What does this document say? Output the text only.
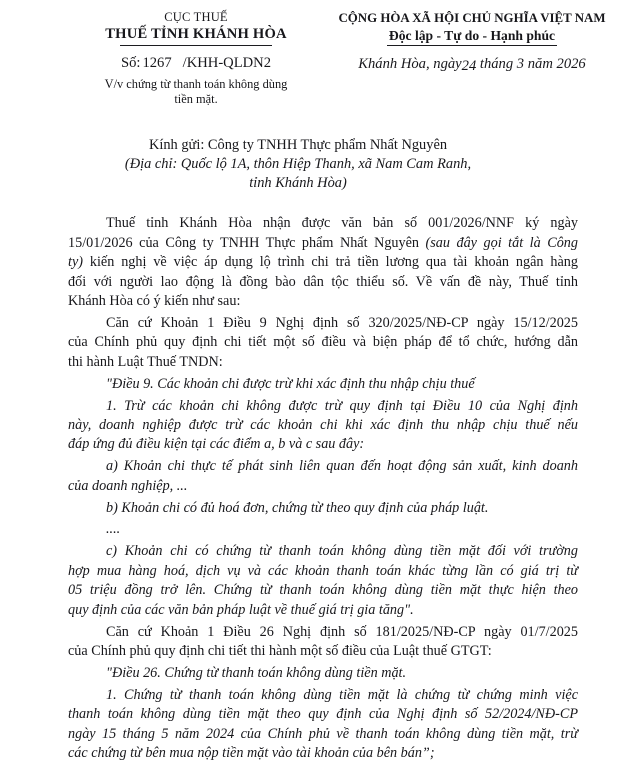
CỤC THUẾ
THUẾ TỈNH KHÁNH HÒA
Số: 1267 /KHH-QLDN2
V/v chứng từ thanh toán không dùng
tiền mặt.
CỘNG HÒA XÃ HỘI CHỦ NGHĨA VIỆT NAM
Độc lập - Tự do - Hạnh phúc
Khánh Hòa, ngày24 tháng 3 năm 2026
Kính gửi: Công ty TNHH Thực phẩm Nhất Nguyên
(Địa chỉ: Quốc lộ 1A, thôn Hiệp Thanh, xã Nam Cam Ranh,
tỉnh Khánh Hòa)
Thuế tỉnh Khánh Hòa nhận được văn bản số 001/2026/NNF ký ngày
15/01/2026 của Công ty TNHH Thực phẩm Nhất Nguyên (sau đây gọi tắt là Công
ty) kiến nghị về việc áp dụng lộ trình chi trả tiền lương qua tài khoản ngân hàng
đối với người lao động là đồng bào dân tộc thiểu số. Về vấn đề này, Thuế tỉnh
Khánh Hòa có ý kiến như sau:
Căn cứ Khoản 1 Điều 9 Nghị định số 320/2025/NĐ-CP ngày 15/12/2025
của Chính phủ quy định chi tiết một số điều và biện pháp để tổ chức, hướng dẫn
thi hành Luật Thuế TNDN:
"Điều 9. Các khoản chi được trừ khi xác định thu nhập chịu thuế
1. Trừ các khoản chi không được trừ quy định tại Điều 10 của Nghị định
này, doanh nghiệp được trừ các khoản chi khi xác định thu nhập chịu thuế nếu
đáp ứng đủ điều kiện tại các điểm a, b và c sau đây:
a) Khoản chi thực tế phát sinh liên quan đến hoạt động sản xuất, kinh doanh
của doanh nghiệp, ...
b) Khoản chi có đủ hoá đơn, chứng từ theo quy định của pháp luật.
....
c) Khoản chi có chứng từ thanh toán không dùng tiền mặt đối với trường
hợp mua hàng hoá, dịch vụ và các khoản thanh toán khác từng lần có giá trị từ
05 triệu đồng trở lên. Chứng từ thanh toán không dùng tiền mặt thực hiện theo
quy định của các văn bản pháp luật về thuế giá trị gia tăng".
Căn cứ Khoản 1 Điều 26 Nghị định số 181/2025/NĐ-CP ngày 01/7/2025
của Chính phủ quy định chi tiết thi hành một số điều của Luật thuế GTGT:
"Điều 26. Chứng từ thanh toán không dùng tiền mặt.
1. Chứng từ thanh toán không dùng tiền mặt là chứng từ chứng minh việc
thanh toán không dùng tiền mặt theo quy định của Nghị định số 52/2024/NĐ-CP
ngày 15 tháng 5 năm 2024 của Chính phủ về thanh toán không dùng tiền mặt, trừ
các chứng từ bên mua nộp tiền mặt vào tài khoản của bên bán”;
